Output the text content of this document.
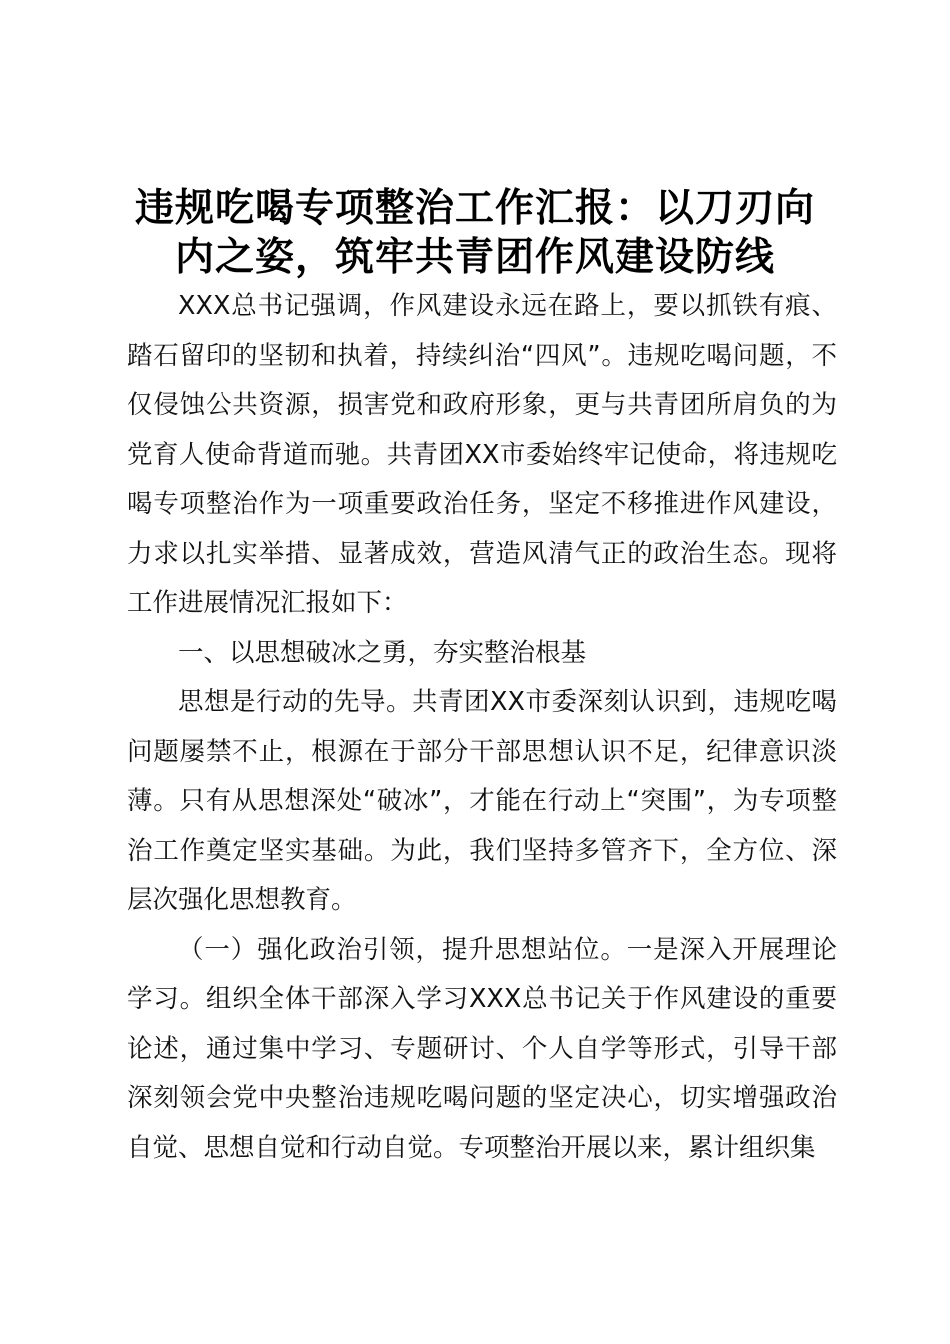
违规吃喝专项整治工作汇报：以刀刃向内之姿，筑牢共青团作风建设防线

XXX总书记强调，作风建设永远在路上，要以抓铁有痕、踏石留印的坚韧和执着，持续纠治“四风”。违规吃喝问题，不仅侵蚀公共资源，损害党和政府形象，更与共青团所肩负的为党育人使命背道而驰。共青团XX市委始终牢记使命，将违规吃喝专项整治作为一项重要政治任务，坚定不移推进作风建设，力求以扎实举措、显著成效，营造风清气正的政治生态。现将工作进展情况汇报如下：

一、以思想破冰之勇，夯实整治根基

思想是行动的先导。共青团XX市委深刻认识到，违规吃喝问题屡禁不止，根源在于部分干部思想认识不足，纪律意识淡薄。只有从思想深处“破冰”，才能在行动上“突围”，为专项整治工作奠定坚实基础。为此，我们坚持多管齐下，全方位、深层次强化思想教育。

（一）强化政治引领，提升思想站位。一是深入开展理论学习。组织全体干部深入学习XXX总书记关于作风建设的重要论述，通过集中学习、专题研讨、个人自学等形式，引导干部深刻领会党中央整治违规吃喝问题的坚定决心，切实增强政治自觉、思想自觉和行动自觉。专项整治开展以来，累计组织集
